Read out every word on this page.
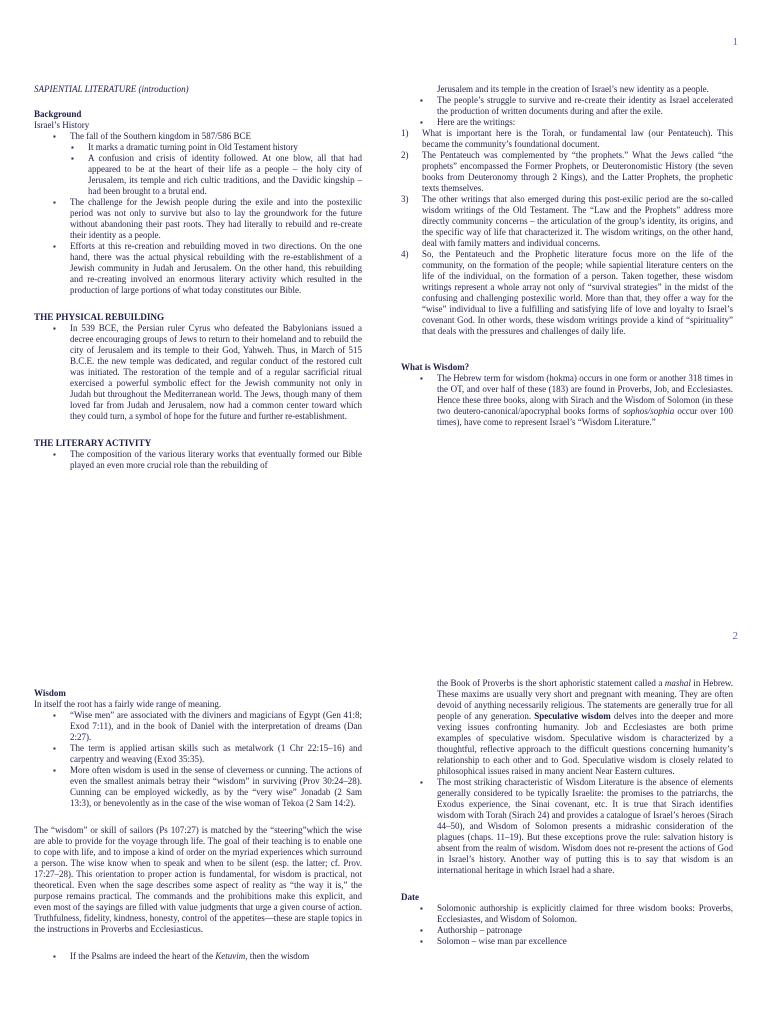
1

SAPIENTIAL LITERATURE (introduction)

Background

Israel’s History

▪ The fall of the Southern kingdom in 587/586 BCE
▪ It marks a dramatic turning point in Old Testament history
▪ A confusion and crisis of identity followed. At one blow, all that had appeared to be at the heart of their life as a people – the holy city of Jerusalem, its temple and rich cultic traditions, and the Davidic kingship – had been brought to a brutal end.
▪ The challenge for the Jewish people during the exile and into the postexilic period was not only to survive but also to lay the groundwork for the future without abandoning their past roots. They had literally to rebuild and re-create their identity as a people.
▪ Efforts at this re-creation and rebuilding moved in two directions. On the one hand, there was the actual physical rebuilding with the re-establishment of a Jewish community in Judah and Jerusalem. On the other hand, this rebuilding and re-creating involved an enormous literary activity which resulted in the production of large portions of what today constitutes our Bible.

THE PHYSICAL REBUILDING

▪ In 539 BCE, the Persian ruler Cyrus who defeated the Babylonians issued a decree encouraging groups of Jews to return to their homeland and to rebuild the city of Jerusalem and its temple to their God, Yahweh. Thus, in March of 515 B.C.E. the new temple was dedicated, and regular conduct of the restored cult was initiated. The restoration of the temple and of a regular sacrificial ritual exercised a powerful symbolic effect for the Jewish community not only in Judah but throughout the Mediterranean world. The Jews, though many of them loved far from Judah and Jerusalem, now had a common center toward which they could turn, a symbol of hope for the future and further re-establishment.

THE LITERARY ACTIVITY

▪ The composition of the various literary works that eventually formed our Bible played an even more crucial role than the rebuilding of

Jerusalem and its temple in the creation of Israel’s new identity as a people.

▪ The people’s struggle to survive and re-create their identity as Israel accelerated the production of written documents during and after the exile.
▪ Here are the writings:
1) What is important here is the Torah, or fundamental law (our Pentateuch). This became the community’s foundational document.
2) The Pentateuch was complemented by “the prophets.” What the Jews called “the prophets” encompassed the Former Prophets, or Deuteronomistic History (the seven books from Deuteronomy through 2 Kings), and the Latter Prophets, the prophetic texts themselves.
3) The other writings that also emerged during this post-exilic period are the so-called wisdom writings of the Old Testament. The “Law and the Prophets” address more directly community concerns – the articulation of the group’s identity, its origins, and the specific way of life that characterized it. The wisdom writings, on the other hand, deal with family matters and individual concerns.
4) So, the Pentateuch and the Prophetic literature focus more on the life of the community, on the formation of the people; while sapiential literature centers on the life of the individual, on the formation of a person. Taken together, these wisdom writings represent a whole array not only of “survival strategies” in the midst of the confusing and challenging postexilic world. More than that, they offer a way for the “wise” individual to live a fulfilling and satisfying life of love and loyalty to Israel’s covenant God. In other words, these wisdom writings provide a kind of “spirituality” that deals with the pressures and challenges of daily life.

What is Wisdom?

▪ The Hebrew term for wisdom (hokma) occurs in one form or another 318 times in the OT, and over half of these (183) are found in Proverbs, Job, and Ecclesiastes. Hence these three books, along with Sirach and the Wisdom of Solomon (in these two deutero-canonical/apocryphal books forms of sophos/sophia occur over 100 times), have come to represent Israel’s “Wisdom Literature.”
2

Wisdom

In itself the root has a fairly wide range of meaning.

▪ “Wise men” are associated with the diviners and magicians of Egypt (Gen 41:8; Exod 7:11), and in the book of Daniel with the interpretation of dreams (Dan 2:27).
▪ The term is applied artisan skills such as metalwork (1 Chr 22:15–16) and carpentry and weaving (Exod 35:35).
▪ More often wisdom is used in the sense of cleverness or cunning. The actions of even the smallest animals betray their “wisdom” in surviving (Prov 30:24–28). Cunning can be employed wickedly, as by the “very wise” Jonadab (2 Sam 13:3), or benevolently as in the case of the wise woman of Tekoa (2 Sam 14:2).

The “wisdom” or skill of sailors (Ps 107:27) is matched by the “steering”which the wise are able to provide for the voyage through life. The goal of their teaching is to enable one to cope with life, and to impose a kind of order on the myriad experiences which surround a person. The wise know when to speak and when to be silent (esp. the latter; cf. Prov. 17:27–28). This orientation to proper action is fundamental, for wisdom is practical, not theoretical. Even when the sage describes some aspect of reality as “the way it is,” the purpose remains practical. The commands and the prohibitions make this explicit, and even most of the sayings are filled with value judgments that urge a given course of action. Truthfulness, fidelity, kindness, honesty, control of the appetites—these are staple topics in the instructions in Proverbs and Ecclesiasticus.

▪ If the Psalms are indeed the heart of the Ketuvim, then the wisdom

the Book of Proverbs is the short aphoristic statement called a mashal in Hebrew. These maxims are usually very short and pregnant with meaning. They are often devoid of anything necessarily religious. The statements are generally true for all people of any generation. Speculative wisdom delves into the deeper and more vexing issues confronting humanity. Job and Ecclesiastes are both prime examples of speculative wisdom. Speculative wisdom is characterized by a thoughtful, reflective approach to the difficult questions concerning humanity’s relationship to each other and to God. Speculative wisdom is closely related to philosophical issues raised in many ancient Near Eastern cultures.

▪ The most striking characteristic of Wisdom Literature is the absence of elements generally considered to be typically Israelite: the promises to the patriarchs, the Exodus experience, the Sinai covenant, etc. It is true that Sirach identifies wisdom with Torah (Sirach 24) and provides a catalogue of Israel’s heroes (Sirach 44–50), and Wisdom of Solomon presents a midrashic consideration of the plagues (chaps. 11–19). But these exceptions prove the rule: salvation history is absent from the realm of wisdom. Wisdom does not re-present the actions of God in Israel’s history. Another way of putting this is to say that wisdom is an international heritage in which Israel had a share.

Date

▪ Solomonic authorship is explicitly claimed for three wisdom books: Proverbs, Ecclesiastes, and Wisdom of Solomon.
▪ Authorship – patronage
▪ Solomon – wise man par excellence
